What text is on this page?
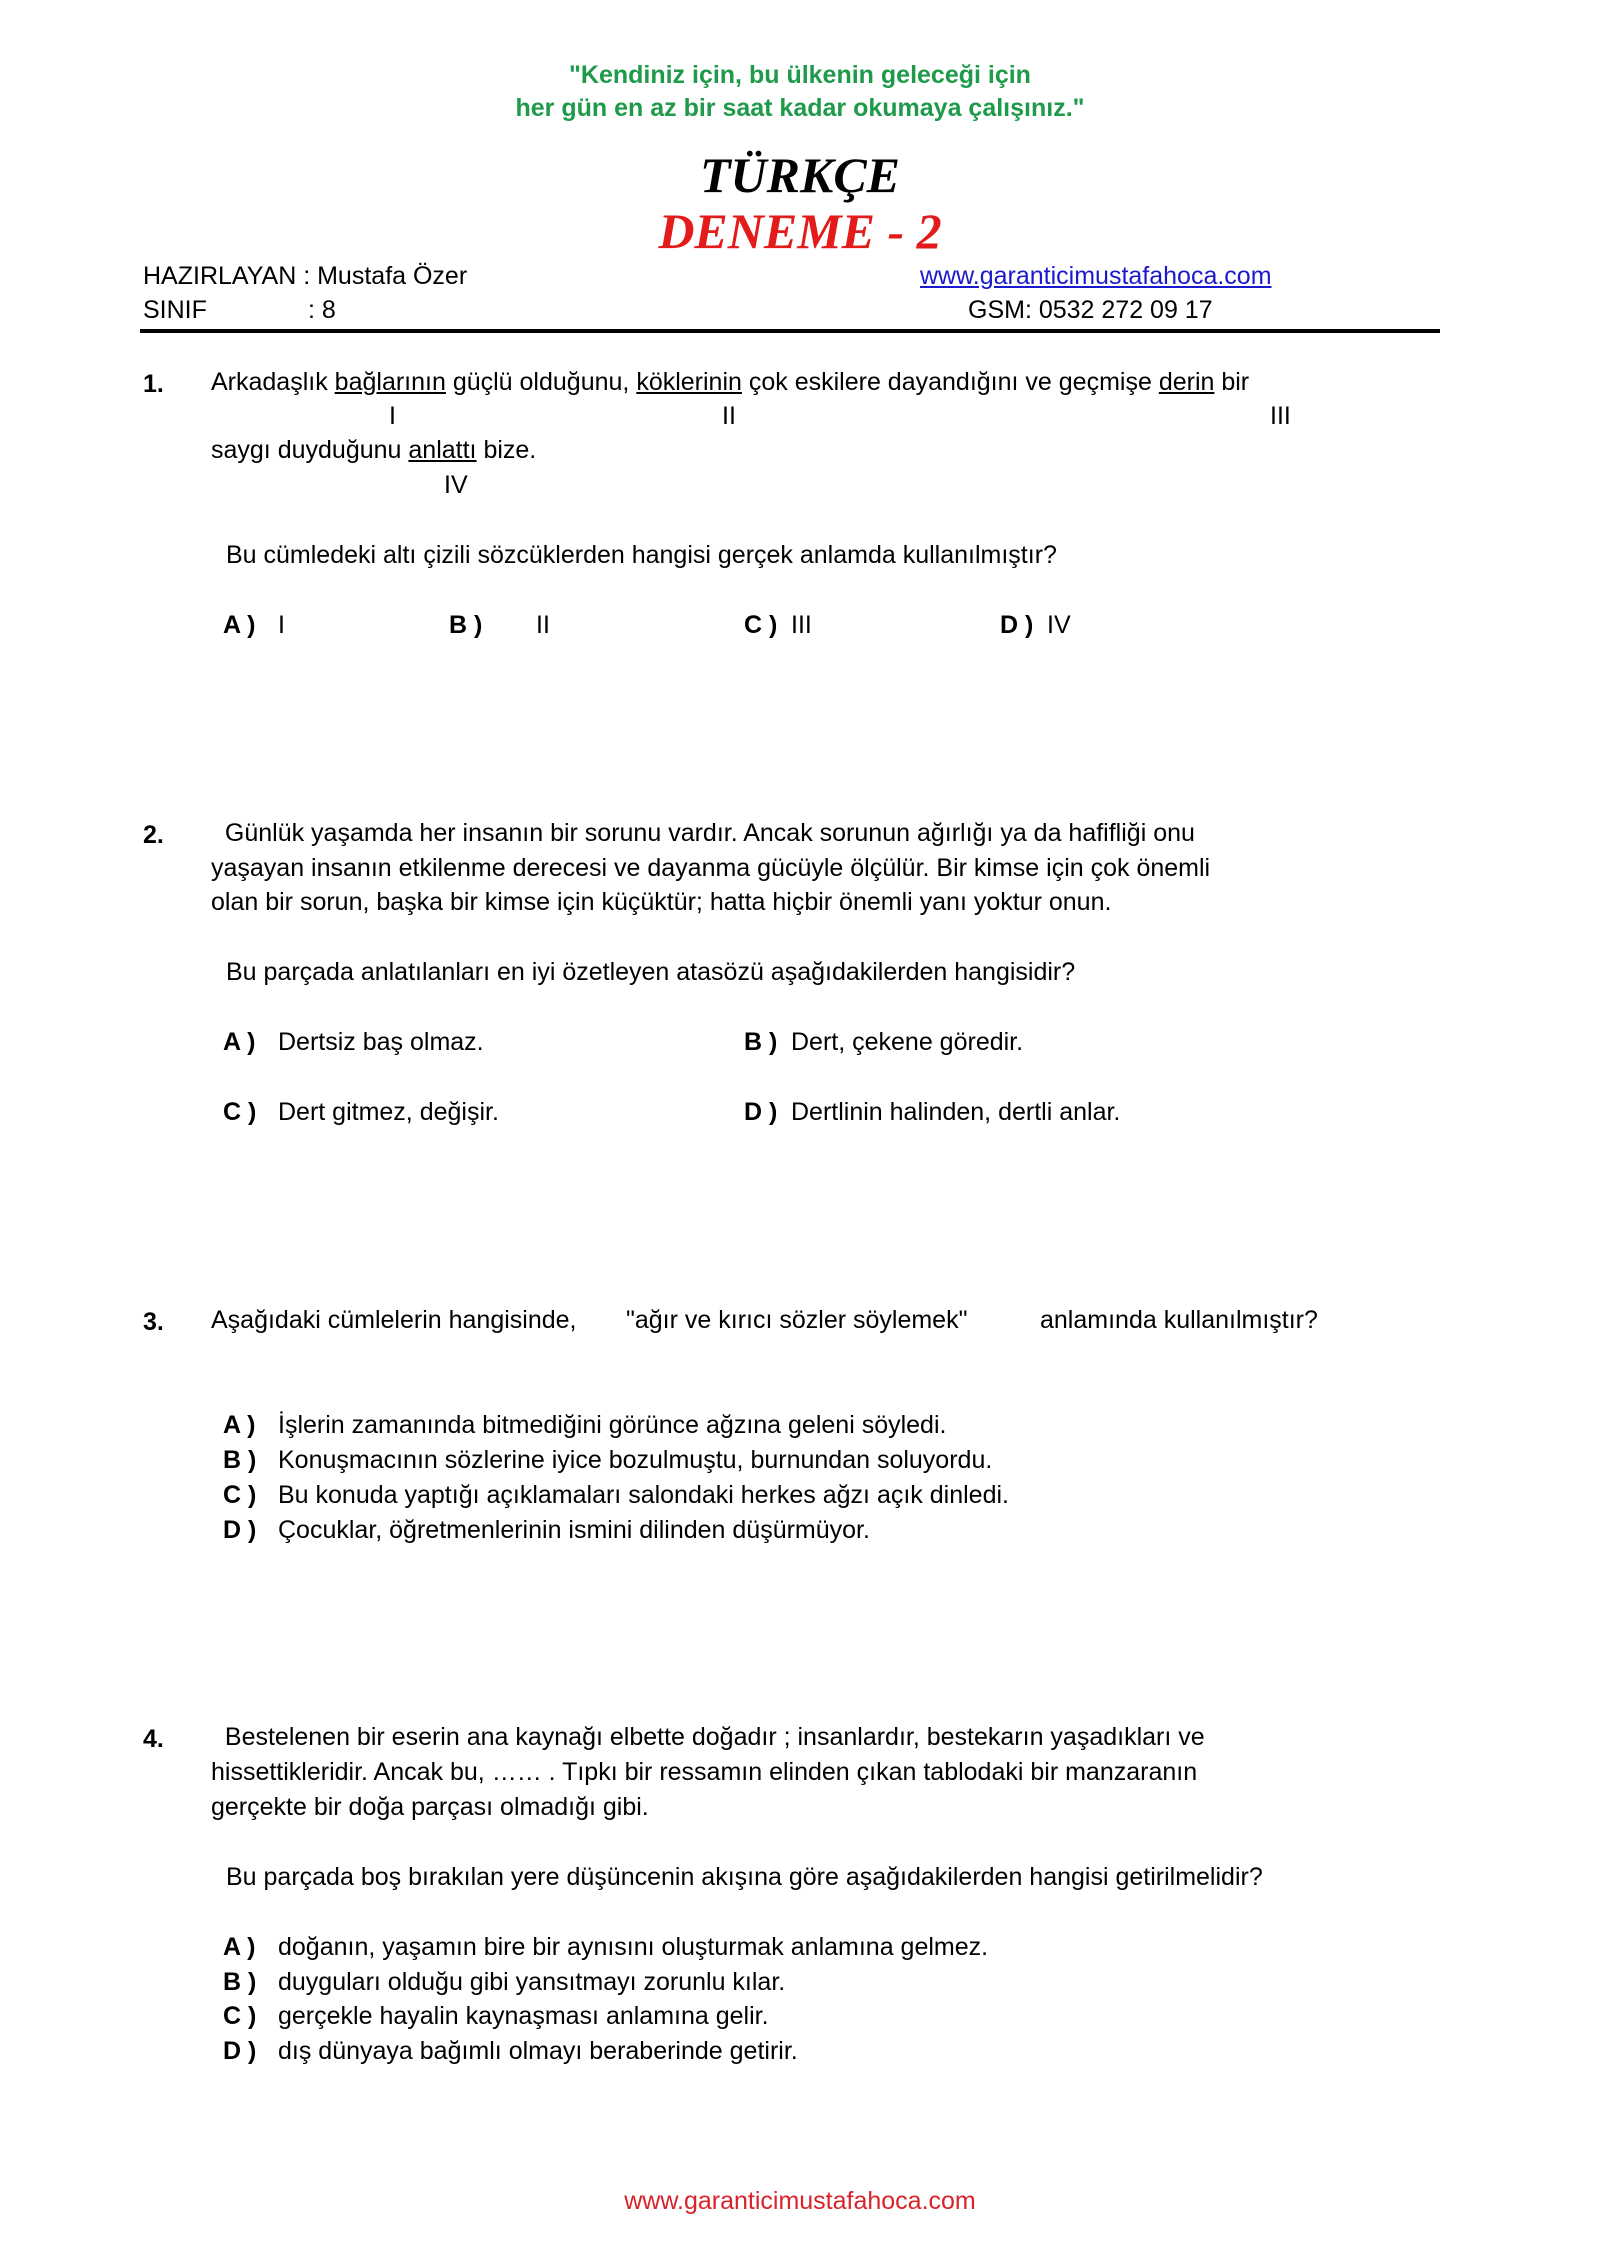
"Kendiniz için, bu ülkenin geleceği için
her gün en az bir saat kadar okumaya çalışınız."
TÜRKÇE
DENEME - 2
HAZIRLAYAN : Mustafa Özer	www.garanticimustafahoca.com
SINIF	: 8	GSM: 0532 272 09 17
1. Arkadaşlık bağlarının güçlü olduğunu, köklerinin çok eskilere dayandığını ve geçmişe derin bir
I	II	III
saygı duyduğunu anlattı bize.
IV
Bu cümledeki altı çizili sözcüklerden hangisi gerçek anlamda kullanılmıştır?
A ) I	B ) II	C ) III	D ) IV
2. Günlük yaşamda her insanın bir sorunu vardır. Ancak sorunun ağırlığı ya da hafifliği onu
yaşayan insanın etkilenme derecesi ve dayanma gücüyle ölçülür. Bir kimse için çok önemli
olan bir sorun, başka bir kimse için küçüktür; hatta hiçbir önemli yanı yoktur onun.
Bu parçada anlatılanları en iyi özetleyen atasözü aşağıdakilerden hangisidir?
A ) Dertsiz baş olmaz.	B ) Dert, çekene göredir.
C ) Dert gitmez, değişir.	D ) Dertlinin halinden, dertli anlar.
3. Aşağıdaki cümlelerin hangisinde, "ağır ve kırıcı sözler söylemek"	anlamında kullanılmıştır?
A ) İşlerin zamanında bitmediğini görünce ağzına geleni söyledi.
B ) Konuşmacının sözlerine iyice bozulmuştu, burnundan soluyordu.
C ) Bu konuda yaptığı açıklamaları salondaki herkes ağzı açık dinledi.
D ) Çocuklar, öğretmenlerinin ismini dilinden düşürmüyor.
4. Bestelenen bir eserin ana kaynağı elbette doğadır ; insanlardır, bestekarın yaşadıkları ve
hissettikleridir. Ancak bu, …… . Tıpkı bir ressamın elinden çıkan tablodaki bir manzaranın
gerçekte bir doğa parçası olmadığı gibi.
Bu parçada boş bırakılan yere düşüncenin akışına göre aşağıdakilerden hangisi getirilmelidir?
A ) doğanın, yaşamın bire bir aynısını oluşturmak anlamına gelmez.
B ) duyguları olduğu gibi yansıtmayı zorunlu kılar.
C ) gerçekle hayalin kaynaşması anlamına gelir.
D ) dış dünyaya bağımlı olmayı beraberinde getirir.
www.garanticimustafahoca.com
